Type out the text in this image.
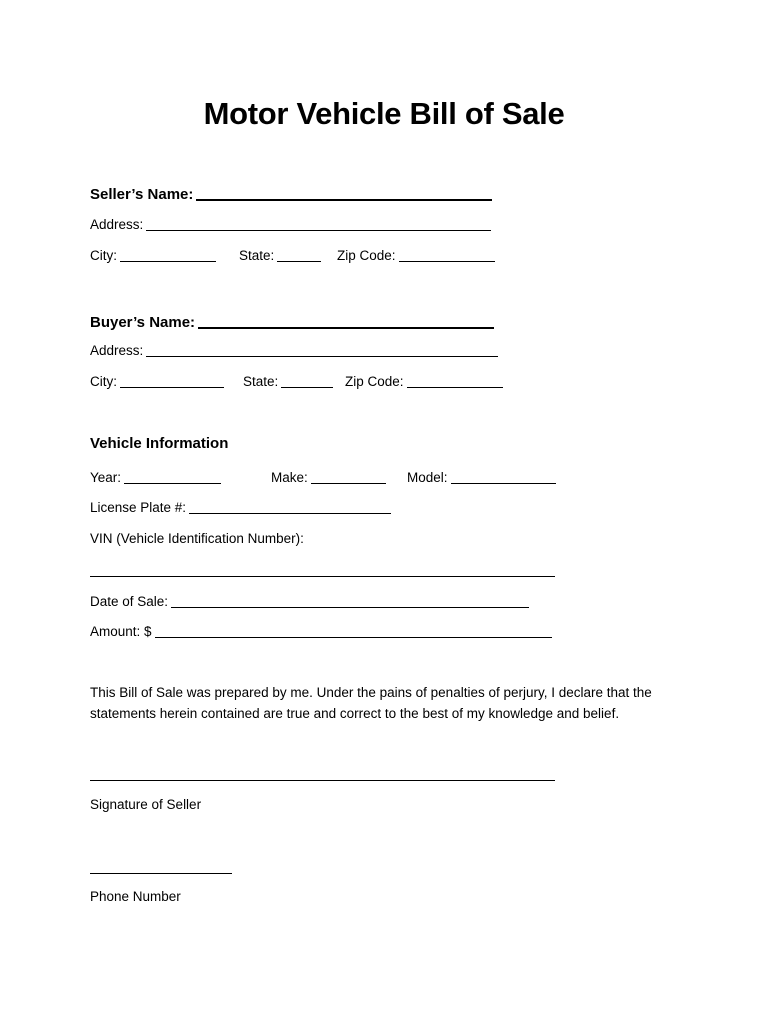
Motor Vehicle Bill of Sale
Seller’s Name:
Address:
City:	State:	Zip Code:
Buyer’s Name:
Address:
City:	State:	Zip Code:
Vehicle Information
Year:	Make:	Model:
License Plate #:
VIN (Vehicle Identification Number):
Date of Sale:
Amount: $
This Bill of Sale was prepared by me. Under the pains of penalties of perjury, I declare that the statements herein contained are true and correct to the best of my knowledge and belief.
Signature of Seller
Phone Number
